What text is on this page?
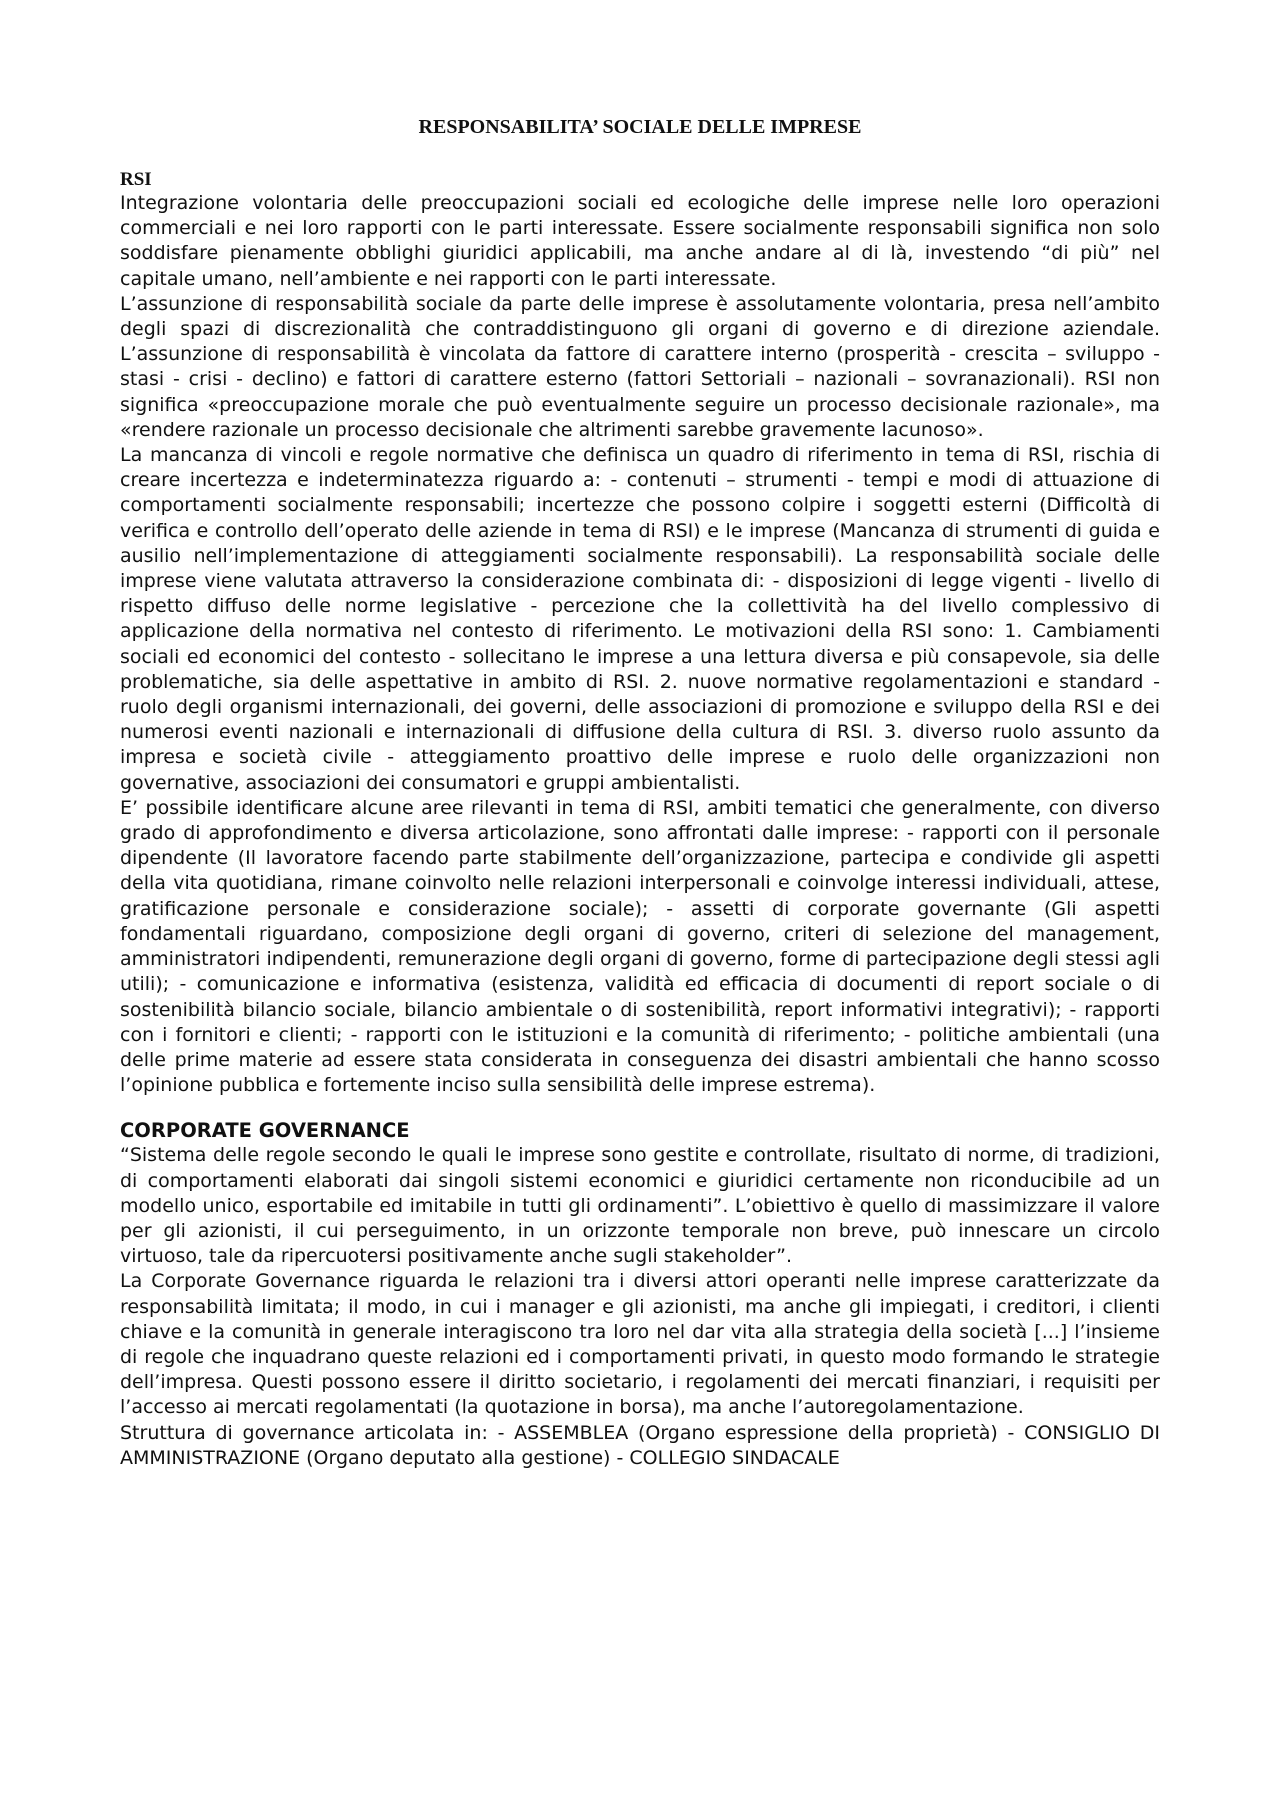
RESPONSABILITA’ SOCIALE DELLE IMPRESE
RSI

Integrazione volontaria delle preoccupazioni sociali ed ecologiche delle imprese nelle loro operazioni commerciali e nei loro rapporti con le parti interessate. Essere socialmente responsabili significa non solo soddisfare pienamente obblighi giuridici applicabili, ma anche andare al di là, investendo “di più” nel capitale umano, nell’ambiente e nei rapporti con le parti interessate.

L’assunzione di responsabilità sociale da parte delle imprese è assolutamente volontaria, presa nell’ambito degli spazi di discrezionalità che contraddistinguono gli organi di governo e di direzione aziendale. L’assunzione di responsabilità è vincolata da fattore di carattere interno (prosperità - crescita – sviluppo - stasi - crisi - declino) e fattori di carattere esterno (fattori Settoriali – nazionali – sovranazionali). RSI non significa «preoccupazione morale che può eventualmente seguire un processo decisionale razionale», ma «rendere razionale un processo decisionale che altrimenti sarebbe gravemente lacunoso».

La mancanza di vincoli e regole normative che definisca un quadro di riferimento in tema di RSI, rischia di creare incertezza e indeterminatezza riguardo a: - contenuti – strumenti - tempi e modi di attuazione di comportamenti socialmente responsabili; incertezze che possono colpire i soggetti esterni (Difficoltà di verifica e controllo dell’operato delle aziende in tema di RSI) e le imprese (Mancanza di strumenti di guida e ausilio nell’implementazione di atteggiamenti socialmente responsabili). La responsabilità sociale delle imprese viene valutata attraverso la considerazione combinata di: - disposizioni di legge vigenti - livello di rispetto diffuso delle norme legislative - percezione che la collettività ha del livello complessivo di applicazione della normativa nel contesto di riferimento. Le motivazioni della RSI sono: 1. Cambiamenti sociali ed economici del contesto - sollecitano le imprese a una lettura diversa e più consapevole, sia delle problematiche, sia delle aspettative in ambito di RSI. 2. nuove normative regolamentazioni e standard - ruolo degli organismi internazionali, dei governi, delle associazioni di promozione e sviluppo della RSI e dei numerosi eventi nazionali e internazionali di diffusione della cultura di RSI. 3. diverso ruolo assunto da impresa e società civile - atteggiamento proattivo delle imprese e ruolo delle organizzazioni non governative, associazioni dei consumatori e gruppi ambientalisti.

E’ possibile identificare alcune aree rilevanti in tema di RSI, ambiti tematici che generalmente, con diverso grado di approfondimento e diversa articolazione, sono affrontati dalle imprese: - rapporti con il personale dipendente (Il lavoratore facendo parte stabilmente dell’organizzazione, partecipa e condivide gli aspetti della vita quotidiana, rimane coinvolto nelle relazioni interpersonali e coinvolge interessi individuali, attese, gratificazione personale e considerazione sociale); - assetti di corporate governante (Gli aspetti fondamentali riguardano, composizione degli organi di governo, criteri di selezione del management, amministratori indipendenti, remunerazione degli organi di governo, forme di partecipazione degli stessi agli utili); - comunicazione e informativa (esistenza, validità ed efficacia di documenti di report sociale o di sostenibilità bilancio sociale, bilancio ambientale o di sostenibilità, report informativi integrativi); - rapporti con i fornitori e clienti; - rapporti con le istituzioni e la comunità di riferimento; - politiche ambientali (una delle prime materie ad essere stata considerata in conseguenza dei disastri ambientali che hanno scosso l’opinione pubblica e fortemente inciso sulla sensibilità delle imprese estrema).

CORPORATE GOVERNANCE

“Sistema delle regole secondo le quali le imprese sono gestite e controllate, risultato di norme, di tradizioni, di comportamenti elaborati dai singoli sistemi economici e giuridici certamente non riconducibile ad un modello unico, esportabile ed imitabile in tutti gli ordinamenti”. L’obiettivo è quello di massimizzare il valore per gli azionisti, il cui perseguimento, in un orizzonte temporale non breve, può innescare un circolo virtuoso, tale da ripercuotersi positivamente anche sugli stakeholder”.

La Corporate Governance riguarda le relazioni tra i diversi attori operanti nelle imprese caratterizzate da responsabilità limitata; il modo, in cui i manager e gli azionisti, ma anche gli impiegati, i creditori, i clienti chiave e la comunità in generale interagiscono tra loro nel dar vita alla strategia della società [...] l’insieme di regole che inquadrano queste relazioni ed i comportamenti privati, in questo modo formando le strategie dell’impresa. Questi possono essere il diritto societario, i regolamenti dei mercati finanziari, i requisiti per l’accesso ai mercati regolamentati (la quotazione in borsa), ma anche l’autoregolamentazione.

Struttura di governance articolata in: - ASSEMBLEA (Organo espressione della proprietà) - CONSIGLIO DI AMMINISTRAZIONE (Organo deputato alla gestione) - COLLEGIO SINDACALE
